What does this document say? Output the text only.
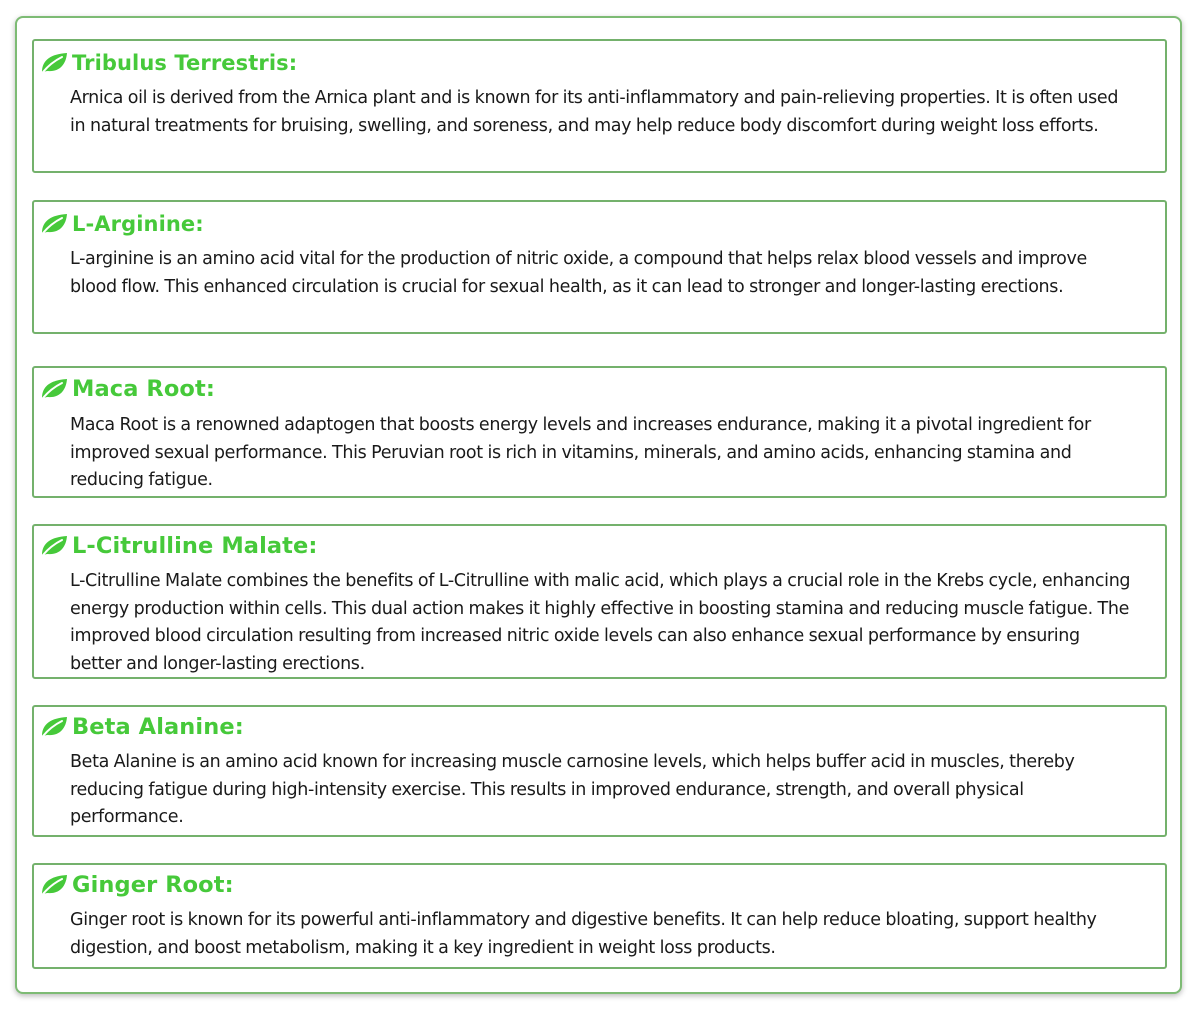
Tribulus Terrestris:
Arnica oil is derived from the Arnica plant and is known for its anti-inflammatory and pain-relieving properties. It is often used in natural treatments for bruising, swelling, and soreness, and may help reduce body discomfort during weight loss efforts.
L-Arginine:
L-arginine is an amino acid vital for the production of nitric oxide, a compound that helps relax blood vessels and improve blood flow. This enhanced circulation is crucial for sexual health, as it can lead to stronger and longer-lasting erections.
Maca Root:
Maca Root is a renowned adaptogen that boosts energy levels and increases endurance, making it a pivotal ingredient for improved sexual performance. This Peruvian root is rich in vitamins, minerals, and amino acids, enhancing stamina and reducing fatigue.
L-Citrulline Malate:
L-Citrulline Malate combines the benefits of L-Citrulline with malic acid, which plays a crucial role in the Krebs cycle, enhancing energy production within cells. This dual action makes it highly effective in boosting stamina and reducing muscle fatigue. The improved blood circulation resulting from increased nitric oxide levels can also enhance sexual performance by ensuring better and longer-lasting erections.
Beta Alanine:
Beta Alanine is an amino acid known for increasing muscle carnosine levels, which helps buffer acid in muscles, thereby reducing fatigue during high-intensity exercise. This results in improved endurance, strength, and overall physical performance.
Ginger Root:
Ginger root is known for its powerful anti-inflammatory and digestive benefits. It can help reduce bloating, support healthy digestion, and boost metabolism, making it a key ingredient in weight loss products.
